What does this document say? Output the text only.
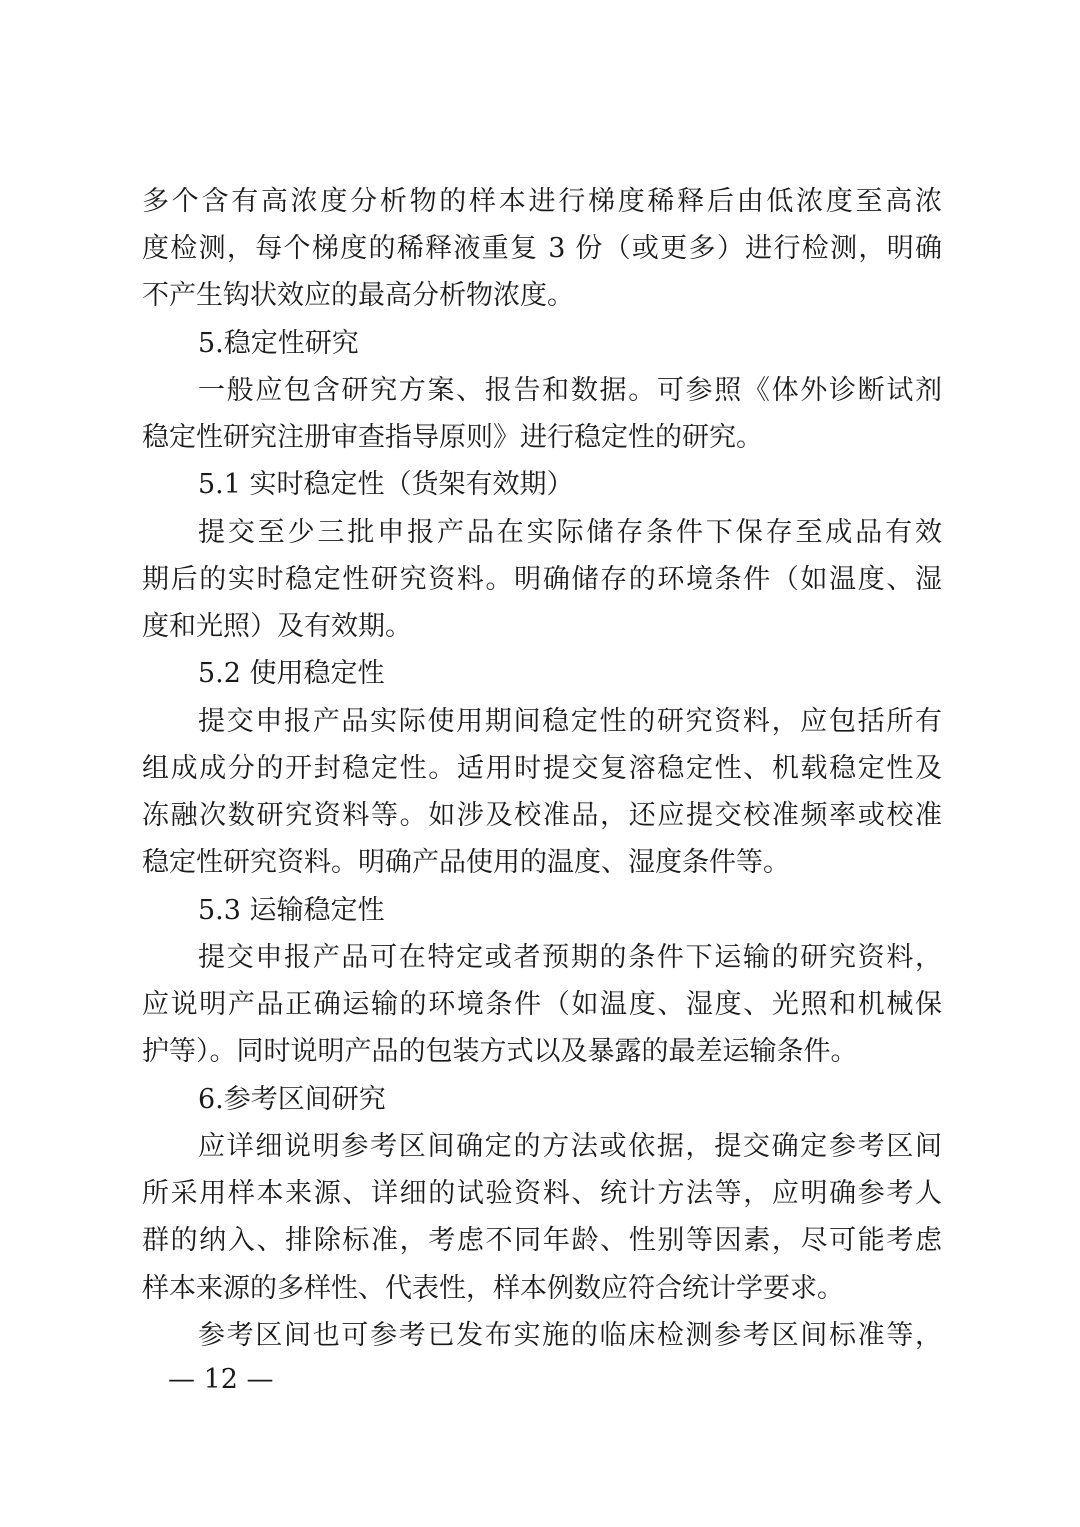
多个含有高浓度分析物的样本进行梯度稀释后由低浓度至高浓
度检测，每个梯度的稀释液重复 3 份（或更多）进行检测，明确
不产生钩状效应的最高分析物浓度。
5.稳定性研究
一般应包含研究方案、报告和数据。可参照《体外诊断试剂
稳定性研究注册审查指导原则》进行稳定性的研究。
5.1 实时稳定性（货架有效期）
提交至少三批申报产品在实际储存条件下保存至成品有效
期后的实时稳定性研究资料。明确储存的环境条件（如温度、湿
度和光照）及有效期。
5.2 使用稳定性
提交申报产品实际使用期间稳定性的研究资料，应包括所有
组成成分的开封稳定性。适用时提交复溶稳定性、机载稳定性及
冻融次数研究资料等。如涉及校准品，还应提交校准频率或校准
稳定性研究资料。明确产品使用的温度、湿度条件等。
5.3 运输稳定性
提交申报产品可在特定或者预期的条件下运输的研究资料，
应说明产品正确运输的环境条件（如温度、湿度、光照和机械保
护等）。同时说明产品的包装方式以及暴露的最差运输条件。
6.参考区间研究
应详细说明参考区间确定的方法或依据，提交确定参考区间
所采用样本来源、详细的试验资料、统计方法等，应明确参考人
群的纳入、排除标准，考虑不同年龄、性别等因素，尽可能考虑
样本来源的多样性、代表性，样本例数应符合统计学要求。
参考区间也可参考已发布实施的临床检测参考区间标准等，
— 12 —
